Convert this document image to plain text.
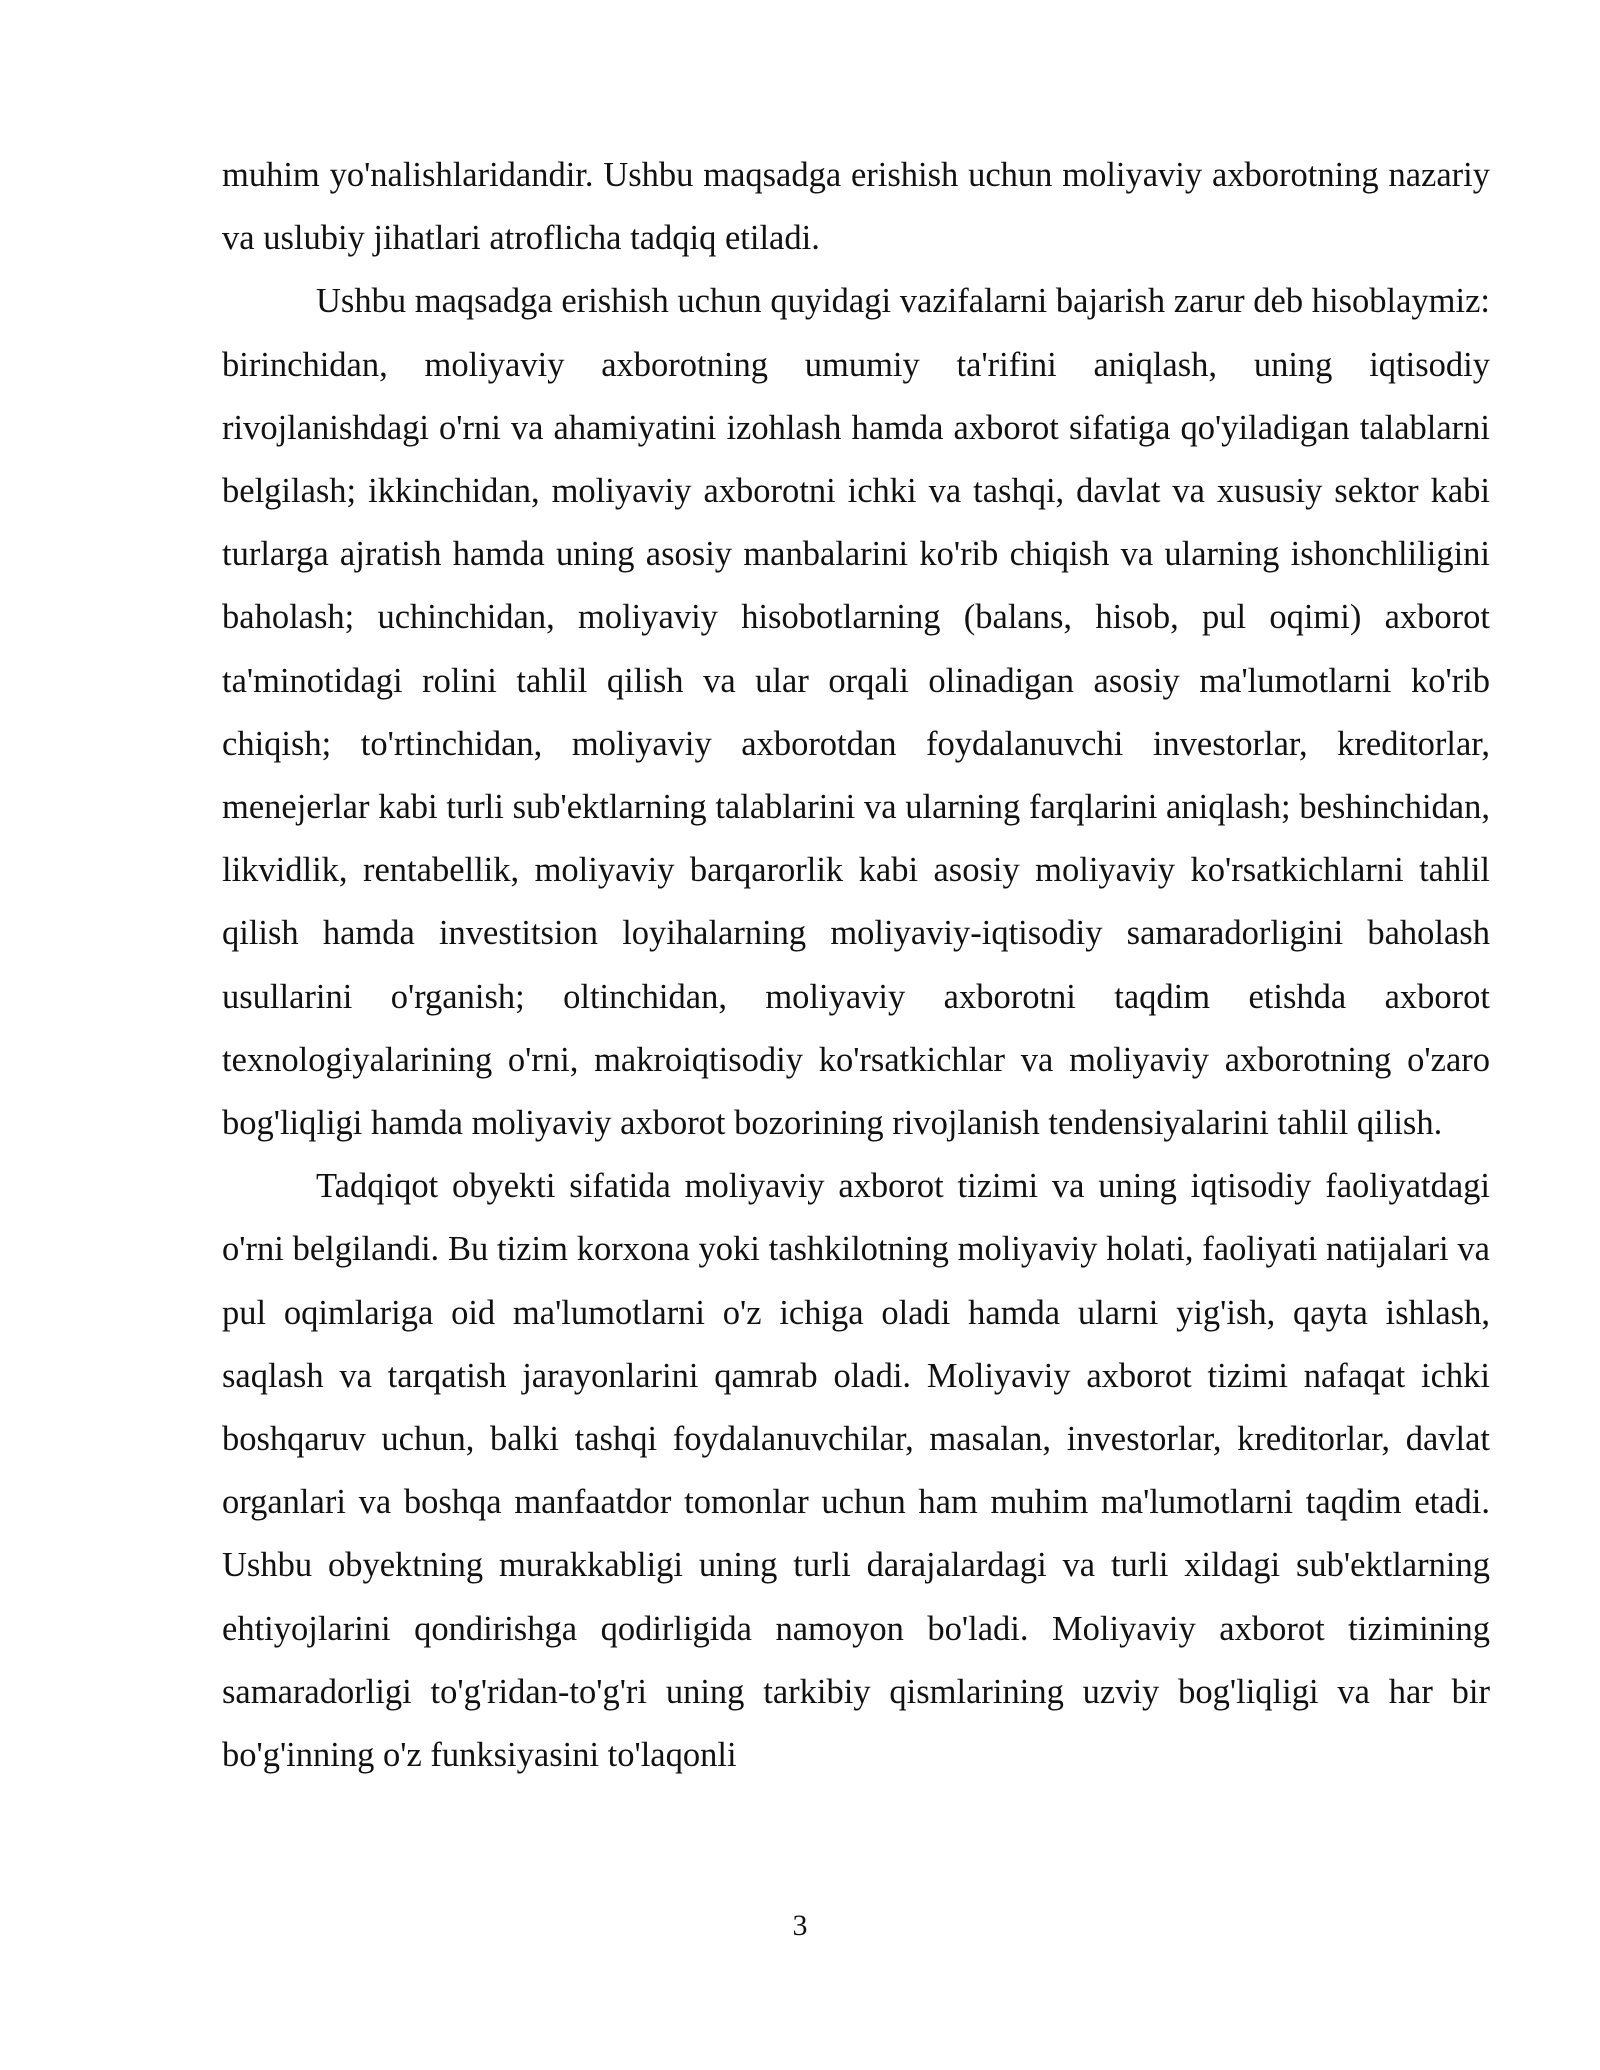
muhim yo'nalishlaridandir. Ushbu maqsadga erishish uchun moliyaviy axborotning nazariy va uslubiy jihatlari atroflicha tadqiq etiladi.

Ushbu maqsadga erishish uchun quyidagi vazifalarni bajarish zarur deb hisoblaymiz: birinchidan, moliyaviy axborotning umumiy ta'rifini aniqlash, uning iqtisodiy rivojlanishdagi o'rni va ahamiyatini izohlash hamda axborot sifatiga qo'yiladigan talablarni belgilash; ikkinchidan, moliyaviy axborotni ichki va tashqi, davlat va xususiy sektor kabi turlarga ajratish hamda uning asosiy manbalarini ko'rib chiqish va ularning ishonchliligini baholash; uchinchidan, moliyaviy hisobotlarning (balans, hisob, pul oqimi) axborot ta'minotidagi rolini tahlil qilish va ular orqali olinadigan asosiy ma'lumotlarni ko'rib chiqish; to'rtinchidan, moliyaviy axborotdan foydalanuvchi investorlar, kreditorlar, menejerlar kabi turli sub'ektlarning talablarini va ularning farqlarini aniqlash; beshinchidan, likvidlik, rentabellik, moliyaviy barqarorlik kabi asosiy moliyaviy ko'rsatkichlarni tahlil qilish hamda investitsion loyihalarning moliyaviy-iqtisodiy samaradorligini baholash usullarini o'rganish; oltinchidan, moliyaviy axborotni taqdim etishda axborot texnologiyalarining o'rni, makroiqtisodiy ko'rsatkichlar va moliyaviy axborotning o'zaro bog'liqligi hamda moliyaviy axborot bozorining rivojlanish tendensiyalarini tahlil qilish.

Tadqiqot obyekti sifatida moliyaviy axborot tizimi va uning iqtisodiy faoliyatdagi o'rni belgilandi. Bu tizim korxona yoki tashkilotning moliyaviy holati, faoliyati natijalari va pul oqimlariga oid ma'lumotlarni o'z ichiga oladi hamda ularni yig'ish, qayta ishlash, saqlash va tarqatish jarayonlarini qamrab oladi. Moliyaviy axborot tizimi nafaqat ichki boshqaruv uchun, balki tashqi foydalanuvchilar, masalan, investorlar, kreditorlar, davlat organlari va boshqa manfaatdor tomonlar uchun ham muhim ma'lumotlarni taqdim etadi. Ushbu obyektning murakkabligi uning turli darajalardagi va turli xildagi sub'ektlarning ehtiyojlarini qondirishga qodirligida namoyon bo'ladi. Moliyaviy axborot tizimining samaradorligi to'g'ridan-to'g'ri uning tarkibiy qismlarining uzviy bog'liqligi va har bir bo'g'inning o'z funksiyasini to'laqonli

3
